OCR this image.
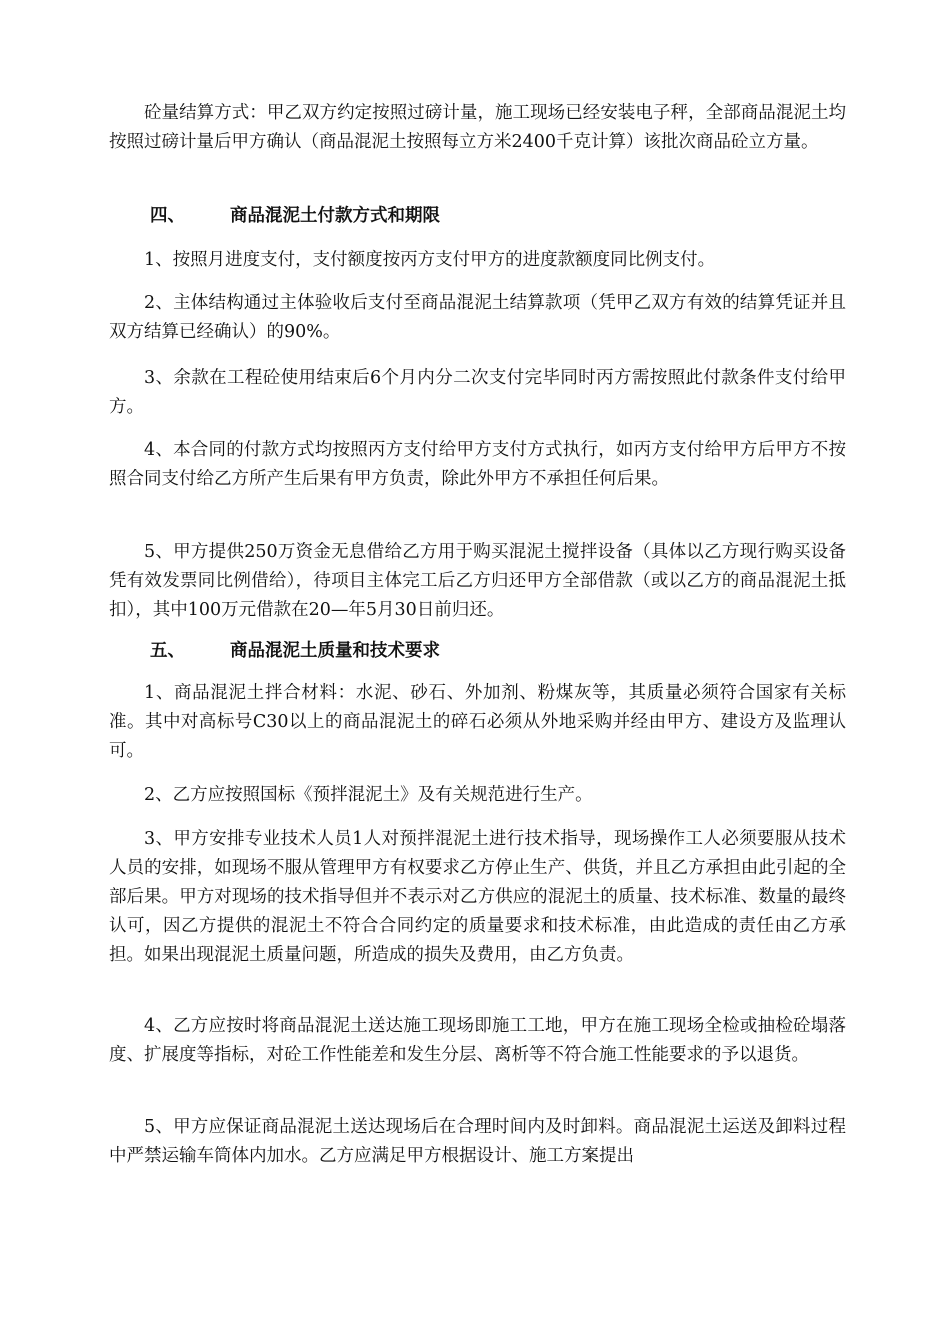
砼量结算方式：甲乙双方约定按照过磅计量，施工现场已经安装电子秤，全部商品混泥土均按照过磅计量后甲方确认（商品混泥土按照每立方米2400千克计算）该批次商品砼立方量。

四、	商品混泥土付款方式和期限

1、按照月进度支付，支付额度按丙方支付甲方的进度款额度同比例支付。

2、主体结构通过主体验收后支付至商品混泥土结算款项（凭甲乙双方有效的结算凭证并且双方结算已经确认）的90%。

3、余款在工程砼使用结束后6个月内分二次支付完毕同时丙方需按照此付款条件支付给甲方。

4、本合同的付款方式均按照丙方支付给甲方支付方式执行，如丙方支付给甲方后甲方不按照合同支付给乙方所产生后果有甲方负责，除此外甲方不承担任何后果。

5、甲方提供250万资金无息借给乙方用于购买混泥土搅拌设备（具体以乙方现行购买设备凭有效发票同比例借给），待项目主体完工后乙方归还甲方全部借款（或以乙方的商品混泥土抵扣），其中100万元借款在20—年5月30日前归还。

五、	商品混泥土质量和技术要求

1、商品混泥土拌合材料：水泥、砂石、外加剂、粉煤灰等，其质量必须符合国家有关标准。其中对高标号C30以上的商品混泥土的碎石必须从外地采购并经由甲方、建设方及监理认可。

2、乙方应按照国标《预拌混泥土》及有关规范进行生产。

3、甲方安排专业技术人员1人对预拌混泥土进行技术指导，现场操作工人必须要服从技术人员的安排，如现场不服从管理甲方有权要求乙方停止生产、供货，并且乙方承担由此引起的全部后果。甲方对现场的技术指导但并不表示对乙方供应的混泥土的质量、技术标准、数量的最终认可，因乙方提供的混泥土不符合合同约定的质量要求和技术标准，由此造成的责任由乙方承担。如果出现混泥土质量问题，所造成的损失及费用，由乙方负责。

4、乙方应按时将商品混泥土送达施工现场即施工工地，甲方在施工现场全检或抽检砼塌落度、扩展度等指标，对砼工作性能差和发生分层、离析等不符合施工性能要求的予以退货。

5、甲方应保证商品混泥土送达现场后在合理时间内及时卸料。商品混泥土运送及卸料过程中严禁运输车筒体内加水。乙方应满足甲方根据设计、施工方案提出
